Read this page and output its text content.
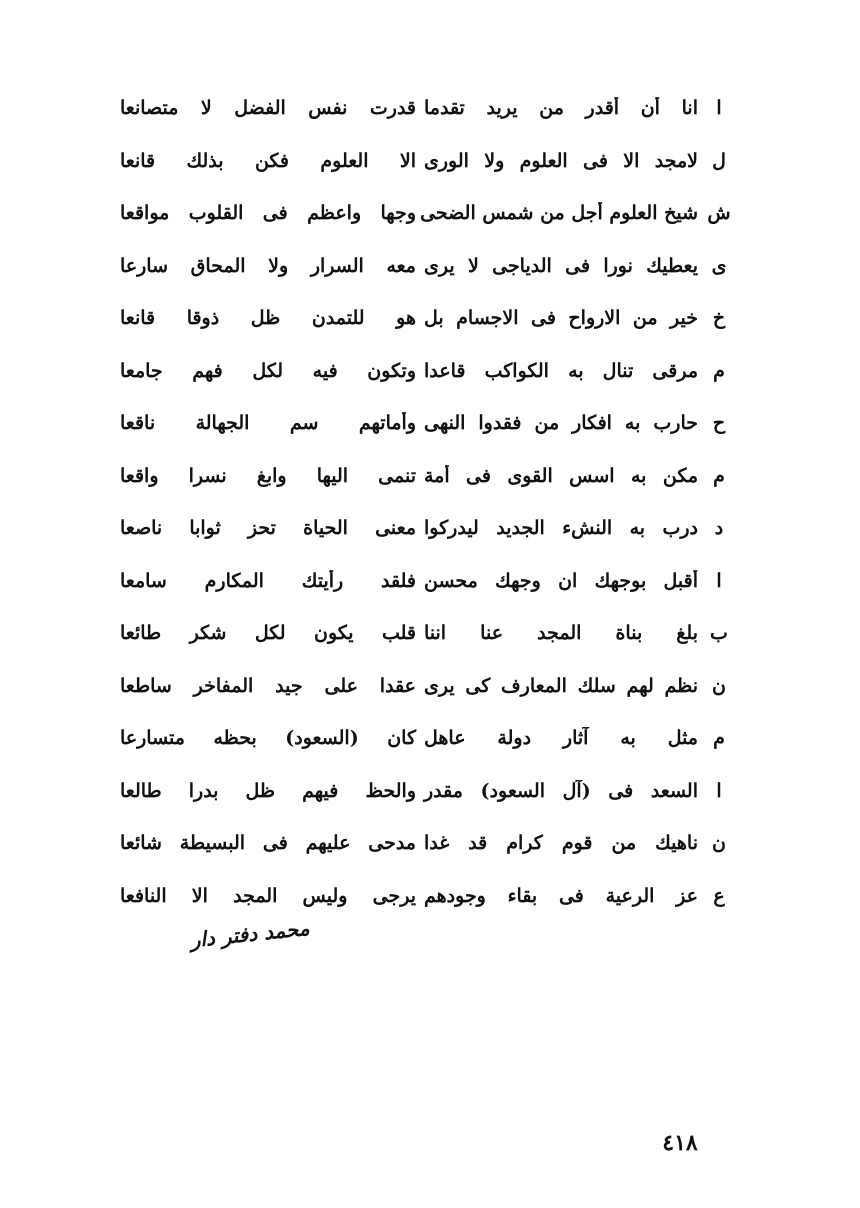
ا
انا أن أقدر من يريد تقدما
قدرت نفس الفضل لا متصانعا
ل
لامجد الا فى العلوم ولا الورى
الا العلوم فكن بذلك قانعا
ش
شيخ العلوم أجل من شمس الضحى
وجها واعظم فى القلوب مواقعا
ى
يعطيك نورا فى الدياجى لا يرى
معه السرار ولا المحاق سارعا
خ
خير من الارواح فى الاجسام بل
هو للتمدن ظل ذوقا قانعا
م
مرقى تنال به الكواكب قاعدا
وتكون فيه لكل فهم جامعا
ح
حارب به افكار من فقدوا النهى
وأماتهم سم الجهالة ناقعا
م
مكن به اسس القوى فى أمة
تنمى اليها وابغ نسرا واقعا
د
درب به النشء الجديد ليدركوا
معنى الحياة تحز ثوابا ناصعا
ا
أقبل بوجهك ان وجهك محسن
فلقد رأيتك المكارم سامعا
ب
بلغ بناة المجد عنا اننا
قلب يكون لكل شكر طائعا
ن
نظم لهم سلك المعارف كى يرى
عقدا على جيد المفاخر ساطعا
م
مثل به آثار دولة عاهل
كان (السعود) بحظه متسارعا
ا
السعد فى (آل السعود) مقدر
والحظ فيهم ظل بدرا طالعا
ن
ناهيك من قوم كرام قد غدا
مدحى عليهم فى البسيطة شائعا
ع
عز الرعية فى بقاء وجودهم
يرجى وليس المجد الا النافعا
محمد دفتر دار
٤١٨
